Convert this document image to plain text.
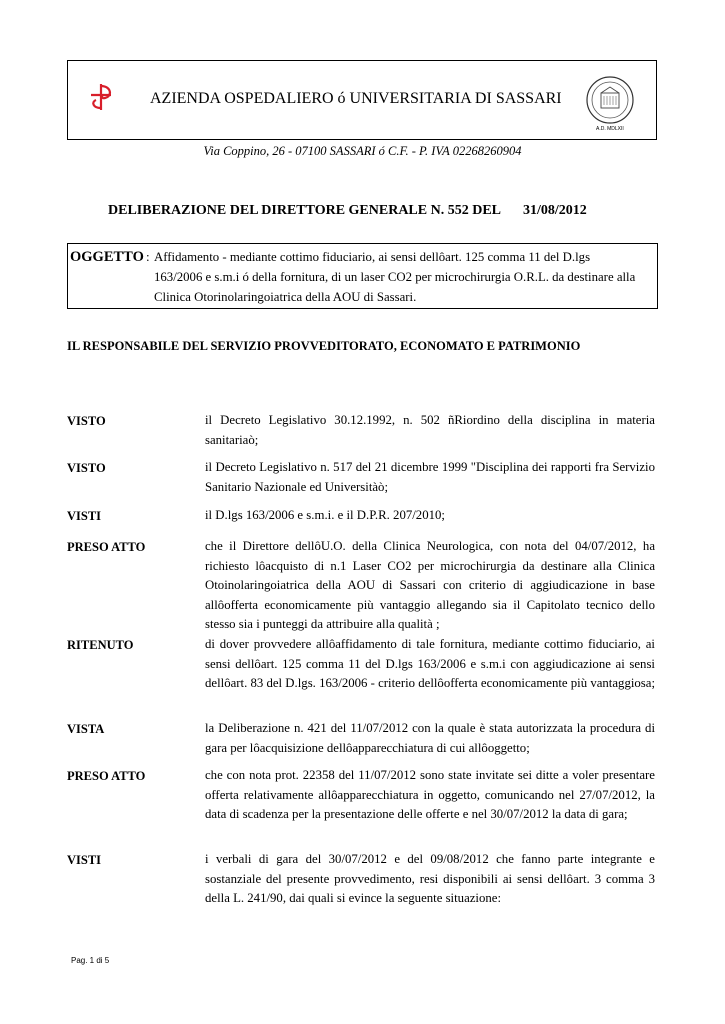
AZIENDA OSPEDALIERO ó UNIVERSITARIA DI SASSARI
A.D. MDLXII
Via Coppino, 26 - 07100 SASSARI ó C.F. - P. IVA 02268260904
DELIBERAZIONE DEL DIRETTORE GENERALE N. 552 DEL 31/08/2012
OGGETTO : Affidamento - mediante cottimo fiduciario, ai sensi dellôart. 125 comma 11 del D.lgs
163/2006 e s.m.i ó della fornitura, di un laser CO2 per microchirurgia O.R.L. da destinare alla
Clinica Otorinolaringoiatrica della AOU di Sassari.
IL RESPONSABILE DEL SERVIZIO PROVVEDITORATO, ECONOMATO E PATRIMONIO
VISTO	il Decreto Legislativo 30.12.1992, n. 502 ñRiordino della disciplina in materia sanitariaò;
VISTO	il Decreto Legislativo n. 517 del 21 dicembre 1999 "Disciplina dei rapporti fra Servizio Sanitario Nazionale ed Universitàò;
VISTI	il D.lgs 163/2006 e s.m.i. e il D.P.R. 207/2010;
PRESO ATTO	che il Direttore dellôU.O. della Clinica Neurologica, con nota del 04/07/2012, ha richiesto lôacquisto di n.1 Laser CO2 per microchirurgia da destinare alla Clinica Otoinolaringoiatrica della AOU di Sassari con criterio di aggiudicazione in base allôofferta economicamente più vantaggio allegando sia il Capitolato tecnico dello stesso sia i punteggi da attribuire alla qualità ;
RITENUTO	di dover provvedere allôaffidamento di tale fornitura, mediante cottimo fiduciario, ai sensi dellôart. 125 comma 11 del D.lgs 163/2006 e s.m.i con aggiudicazione ai sensi dellôart. 83 del D.lgs. 163/2006 - criterio dellôofferta economicamente più vantaggiosa;
VISTA	la Deliberazione n. 421 del 11/07/2012 con la quale è stata autorizzata la procedura di gara per lôacquisizione dellôapparecchiatura di cui allôoggetto;
PRESO ATTO	che con nota prot. 22358 del 11/07/2012 sono state invitate sei ditte a voler presentare offerta relativamente allôapparecchiatura in oggetto, comunicando nel 27/07/2012, la data di scadenza per la presentazione delle offerte e nel 30/07/2012 la data di gara;
VISTI	i verbali di gara del 30/07/2012 e del 09/08/2012 che fanno parte integrante e sostanziale del presente provvedimento, resi disponibili ai sensi dellôart. 3 comma 3 della L. 241/90, dai quali si evince la seguente situazione:
Pag. 1 di 5
